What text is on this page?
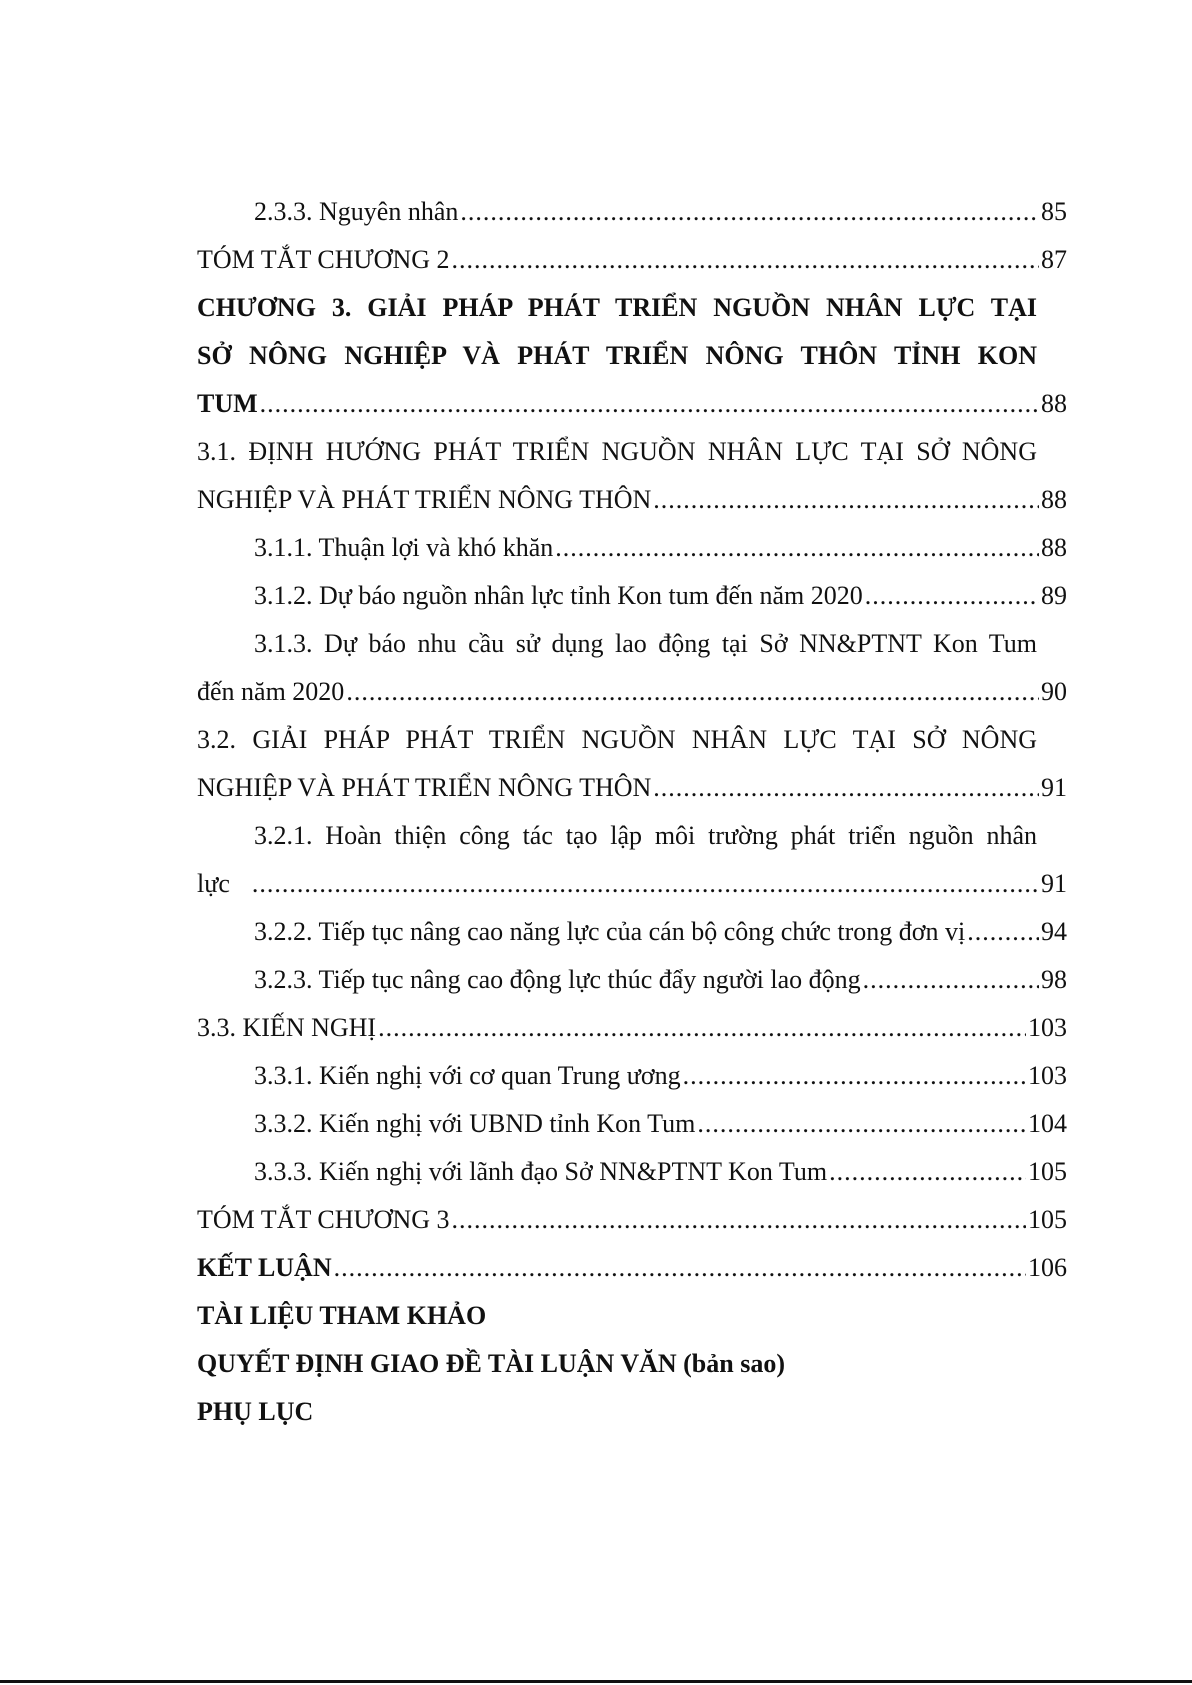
2.3.3. Nguyên nhân .....	85
TÓM TẮT CHƯƠNG 2 .....	87
CHƯƠNG 3. GIẢI PHÁP PHÁT TRIỂN NGUỒN NHÂN LỰC TẠI
SỞ NÔNG NGHIỆP VÀ PHÁT TRIỂN NÔNG THÔN TỈNH KON
TUM .....	88
3.1. ĐỊNH HƯỚNG PHÁT TRIỂN NGUỒN NHÂN LỰC TẠI SỞ NÔNG
NGHIỆP VÀ PHÁT TRIỂN NÔNG THÔN .....	88
3.1.1. Thuận lợi và khó khăn .....	88
3.1.2. Dự báo nguồn nhân lực tỉnh Kon tum đến năm 2020 .....	89
3.1.3. Dự báo nhu cầu sử dụng lao động tại Sở NN&PTNT Kon Tum
đến năm 2020 .....	90
3.2. GIẢI PHÁP PHÁT TRIỂN NGUỒN NHÂN LỰC TẠI SỞ NÔNG
NGHIỆP VÀ PHÁT TRIỂN NÔNG THÔN .....	91
3.2.1. Hoàn thiện công tác tạo lập môi trường phát triển nguồn nhân
lực .....	91
3.2.2. Tiếp tục nâng cao năng lực của cán bộ công chức trong đơn vị .....	94
3.2.3. Tiếp tục nâng cao động lực thúc đẩy người lao động .....	98
3.3. KIẾN NGHỊ .....	103
3.3.1. Kiến nghị với cơ quan Trung ương .....	103
3.3.2. Kiến nghị với UBND tỉnh Kon Tum .....	104
3.3.3. Kiến nghị với lãnh đạo Sở NN&PTNT Kon Tum .....	105
TÓM TẮT CHƯƠNG 3 .....	105
KẾT LUẬN .....	106
TÀI LIỆU THAM KHẢO
QUYẾT ĐỊNH GIAO ĐỀ TÀI LUẬN VĂN (bản sao)
PHỤ LỤC
